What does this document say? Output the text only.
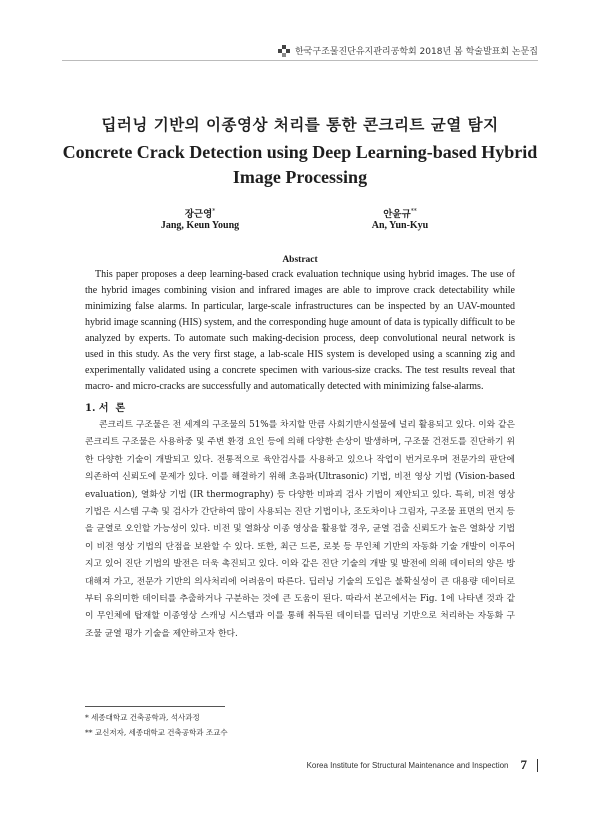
한국구조물진단유지관리공학회 2018년 봄 학술발표회 논문집
딥러닝 기반의 이종영상 처리를 통한 콘크리트 균열 탐지
Concrete Crack Detection using Deep Learning-based Hybrid Image Processing
장근영*
Jang, Keun Young
안윤규**
An, Yun-Kyu
Abstract

This paper proposes a deep learning-based crack evaluation technique using hybrid images. The use of the hybrid images combining vision and infrared images are able to improve crack detectability while minimizing false alarms. In particular, large-scale infrastructures can be inspected by an UAV-mounted hybrid image scanning (HIS) system, and the corresponding huge amount of data is typically difficult to be analyzed by experts. To automate such making-decision process, deep convolutional neural network is used in this study. As the very first stage, a lab-scale HIS system is developed using a scanning zig and experimentally validated using a concrete specimen with various-size cracks. The test results reveal that macro- and micro-cracks are successfully and automatically detected with minimizing false-alarms.

1. 서  론

콘크리트 구조물은 전 세계의 구조물의 51%를 차지할 만큼 사회기반시설물에 널리 활용되고 있다. 이와 같은 콘크리트 구조물은 사용하중 및 주변 환경 요인 등에 의해 다양한 손상이 발생하며, 구조물 건전도를 진단하기 위한 다양한 기술이 개발되고 있다. 전통적으로 육안검사를 사용하고 있으나 작업이 번거로우며 전문가의 판단에 의존하여 신뢰도에 문제가 있다. 이를 해결하기 위해 초음파(Ultrasonic) 기법, 비전 영상 기법 (Vision-based evaluation), 열화상 기법 (IR thermography) 등 다양한 비파괴 검사 기법이 제안되고 있다. 특히, 비전 영상 기법은 시스템 구축 및 검사가 간단하여 많이 사용되는 진단 기법이나, 조도차이나 그림자, 구조물 표면의 먼지 등을 균열로 오인할 가능성이 있다. 비전 및 열화상 이종 영상을 활용할 경우, 균열 검출 신뢰도가 높은 열화상 기법이 비전 영상 기법의 단점을 보완할 수 있다. 또한, 최근 드론, 로봇 등 무인체 기반의 자동화 기술 개발이 이루어지고 있어 진단 기법의 발전은 더욱 촉진되고 있다. 이와 같은 진단 기술의 개발 및 발전에 의해 데이터의 양은 방대해져 가고, 전문가 기반의 의사처리에 어려움이 따른다. 딥러닝 기술의 도입은 불확실성이 큰 대용량 데이터로부터 유의미한 데이터를 추출하거나 구분하는 것에 큰 도움이 된다. 따라서 본고에서는 Fig. 1에 나타낸 것과 같이 무인체에 탑재할 이종영상 스캐닝 시스템과 이를 통해 취득된 데이터를 딥러닝 기반으로 처리하는 자동화 구조물 균열 평가 기술을 제안하고자 한다.

* 세종대학교 건축공학과, 석사과정
** 교신저자, 세종대학교 건축공학과 조교수
Korea Institute for Structural Maintenance and Inspection 7
